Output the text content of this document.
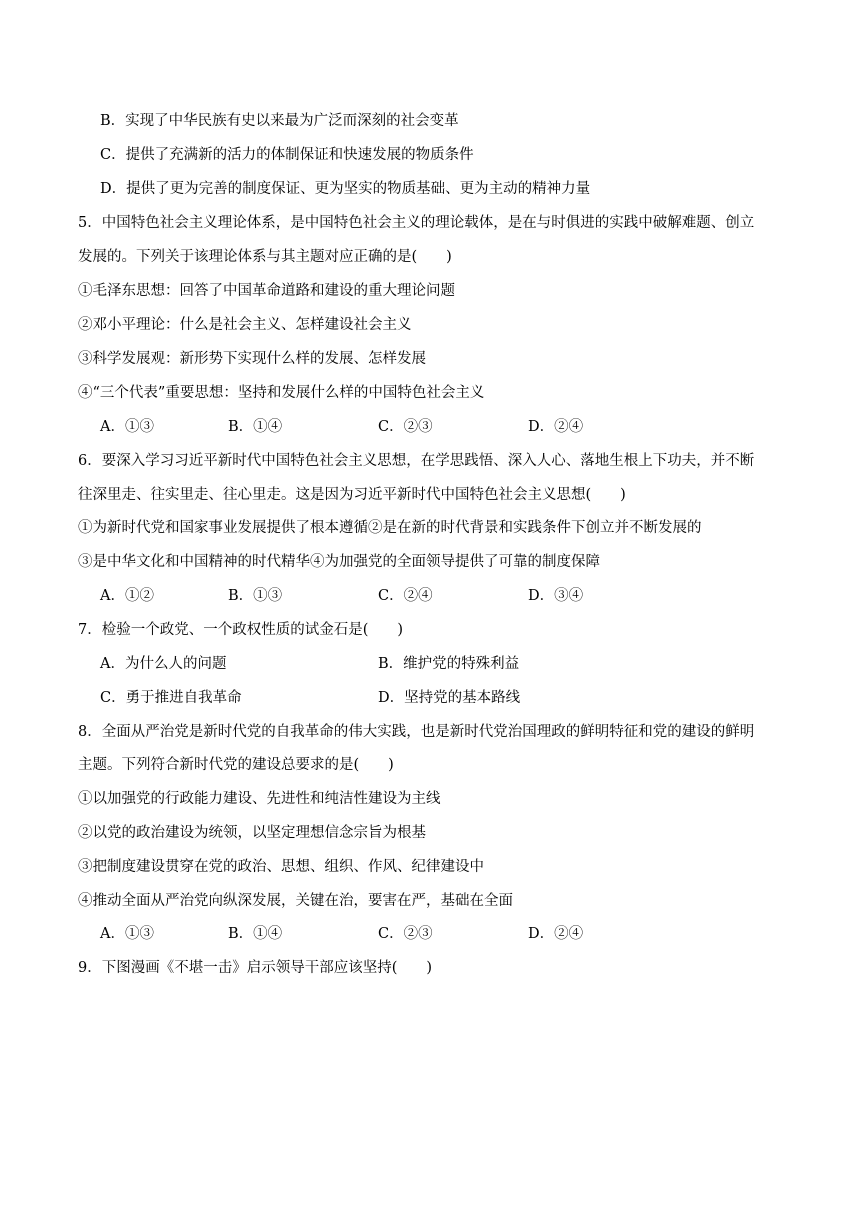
B．实现了中华民族有史以来最为广泛而深刻的社会变革
C．提供了充满新的活力的体制保证和快速发展的物质条件
D．提供了更为完善的制度保证、更为坚实的物质基础、更为主动的精神力量
5．中国特色社会主义理论体系，是中国特色社会主义的理论载体，是在与时俱进的实践中破解难题、创立
发展的。下列关于该理论体系与其主题对应正确的是(　　)
①毛泽东思想：回答了中国革命道路和建设的重大理论问题
②邓小平理论：什么是社会主义、怎样建设社会主义
③科学发展观：新形势下实现什么样的发展、怎样发展
④“三个代表”重要思想：坚持和发展什么样的中国特色社会主义
A．①③	B．①④	C．②③	D．②④
6．要深入学习习近平新时代中国特色社会主义思想，在学思践悟、深入人心、落地生根上下功夫，并不断
往深里走、往实里走、往心里走。这是因为习近平新时代中国特色社会主义思想(　　)
①为新时代党和国家事业发展提供了根本遵循②是在新的时代背景和实践条件下创立并不断发展的
③是中华文化和中国精神的时代精华④为加强党的全面领导提供了可靠的制度保障
A．①②	B．①③	C．②④	D．③④
7．检验一个政党、一个政权性质的试金石是(　　)
A．为什么人的问题	B．维护党的特殊利益
C．勇于推进自我革命	D．坚持党的基本路线
8．全面从严治党是新时代党的自我革命的伟大实践，也是新时代党治国理政的鲜明特征和党的建设的鲜明
主题。下列符合新时代党的建设总要求的是(　　)
①以加强党的行政能力建设、先进性和纯洁性建设为主线
②以党的政治建设为统领，以坚定理想信念宗旨为根基
③把制度建设贯穿在党的政治、思想、组织、作风、纪律建设中
④推动全面从严治党向纵深发展，关键在治，要害在严，基础在全面
A．①③	B．①④	C．②③	D．②④
9．下图漫画《不堪一击》启示领导干部应该坚持(　　)
